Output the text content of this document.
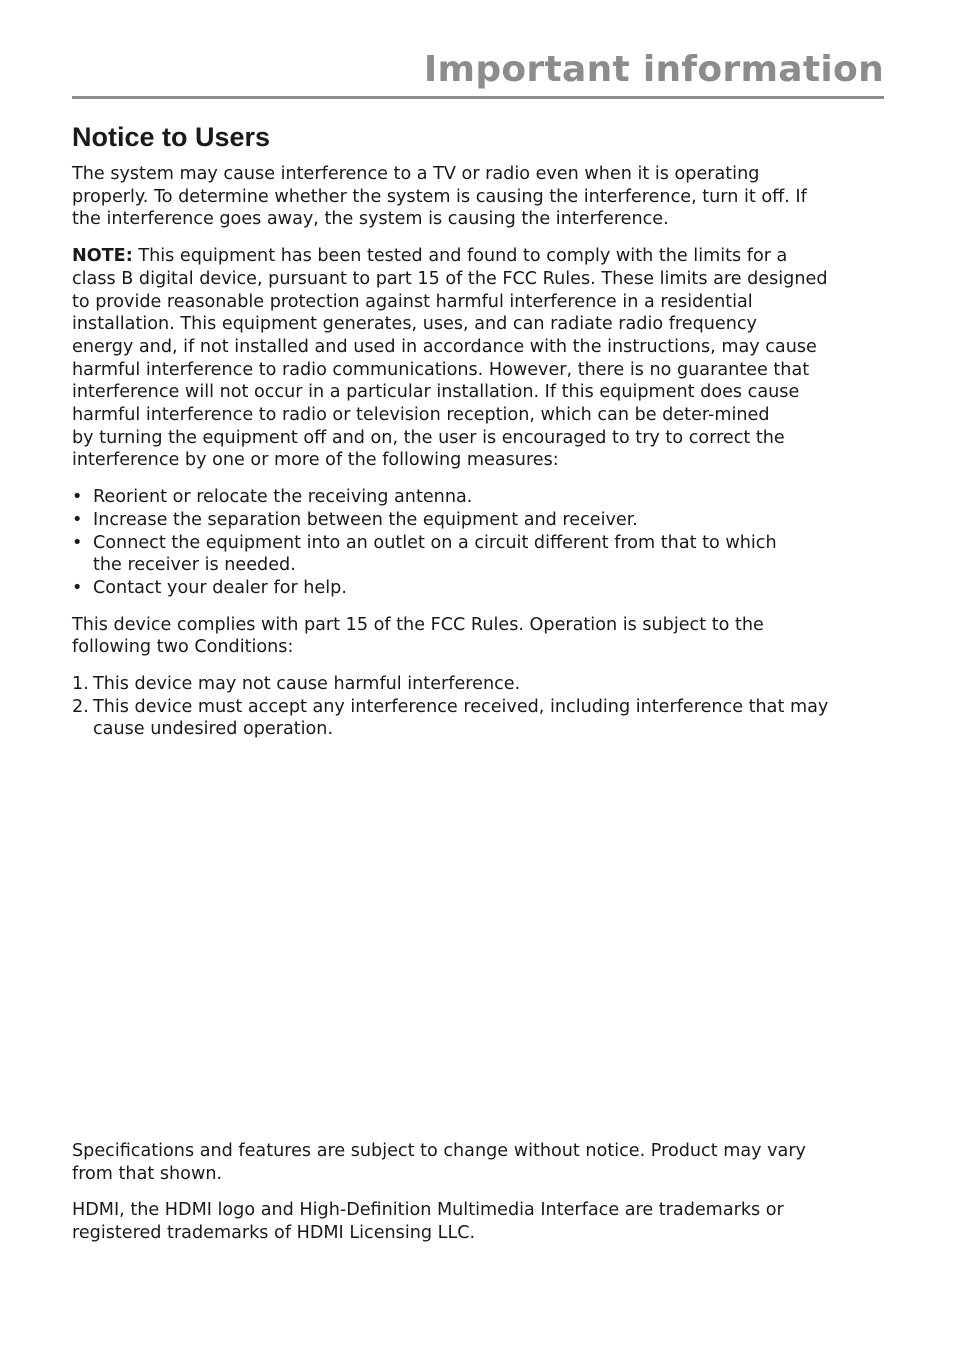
Important information
Notice to Users

The system may cause interference to a TV or radio even when it is operating
properly. To determine whether the system is causing the interference, turn it off. If
the interference goes away, the system is causing the interference.

NOTE: This equipment has been tested and found to comply with the limits for a
class B digital device, pursuant to part 15 of the FCC Rules. These limits are designed
to provide reasonable protection against harmful interference in a residential
installation. This equipment generates, uses, and can radiate radio frequency
energy and, if not installed and used in accordance with the instructions, may cause
harmful interference to radio communications. However, there is no guarantee that
interference will not occur in a particular installation. If this equipment does cause
harmful interference to radio or television reception, which can be deter-mined
by turning the equipment off and on, the user is encouraged to try to correct the
interference by one or more of the following measures:

• Reorient or relocate the receiving antenna.
• Increase the separation between the equipment and receiver.
• Connect the equipment into an outlet on a circuit different from that to which
the receiver is needed.
• Contact your dealer for help.

This device complies with part 15 of the FCC Rules. Operation is subject to the
following two Conditions:

1. This device may not cause harmful interference.
2. This device must accept any interference received, including interference that may
cause undesired operation.

Specifications and features are subject to change without notice. Product may vary
from that shown.

HDMI, the HDMI logo and High-Definition Multimedia Interface are trademarks or
registered trademarks of HDMI Licensing LLC.
